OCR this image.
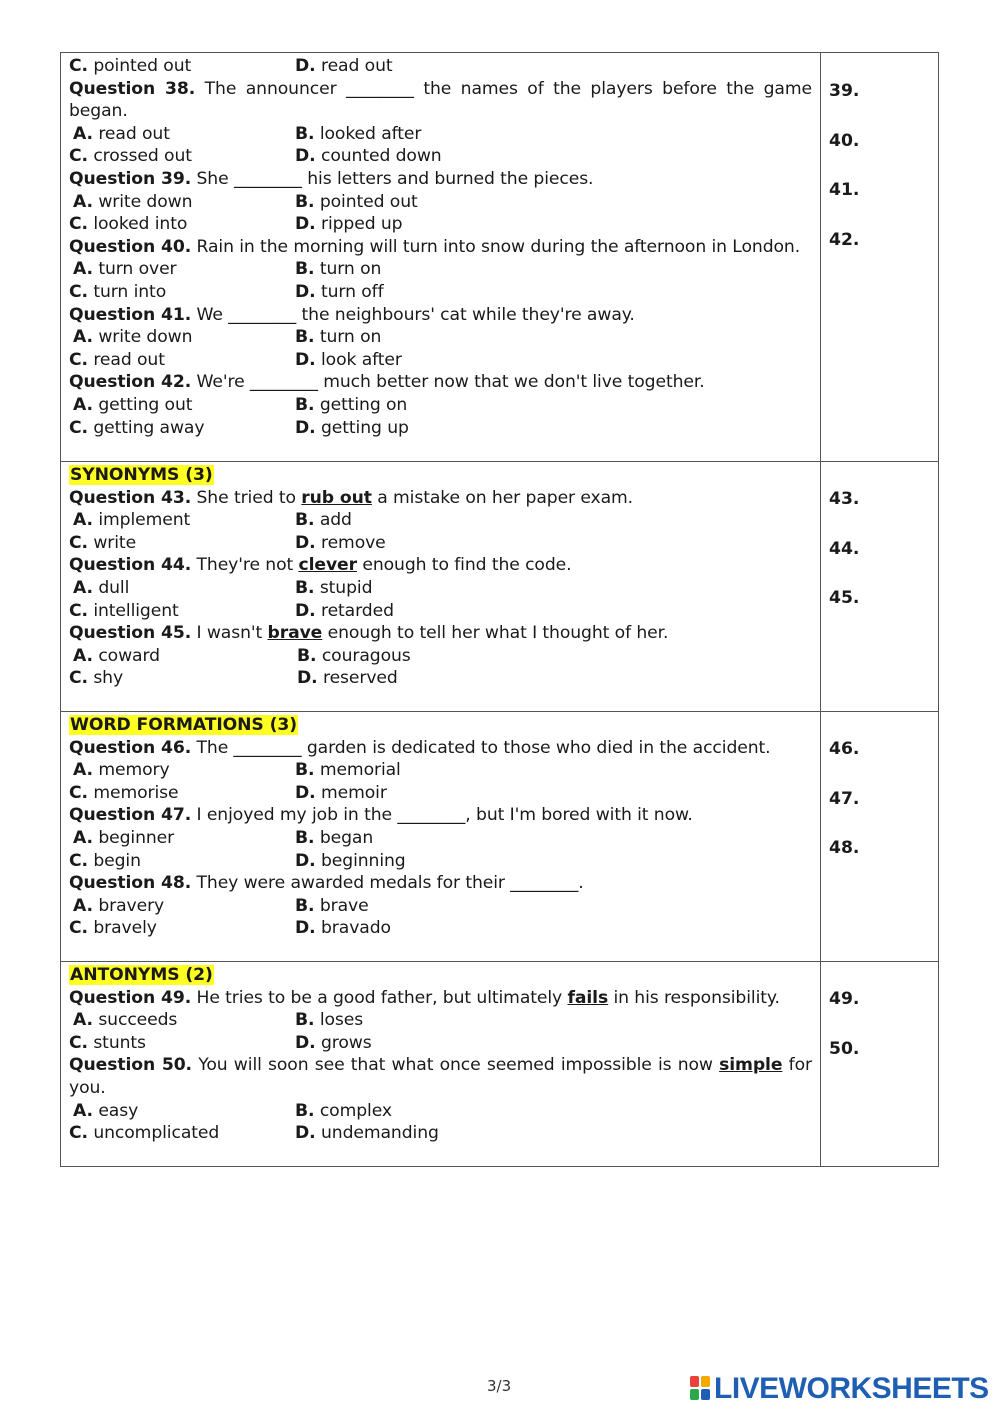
C. pointed out	D. read out
Question 38. The announcer ________ the names of the players before the game began.
A. read out	B. looked after
C. crossed out	D. counted down
Question 39. She ________ his letters and burned the pieces.
A. write down	B. pointed out
C. looked into	D. ripped up
Question 40. Rain in the morning will turn into snow during the afternoon in London.
A. turn over	B. turn on
C. turn into	D. turn off
Question 41. We ________ the neighbours' cat while they're away.
A. write down	B. turn on
C. read out	D. look after
Question 42. We're ________ much better now that we don't live together.
A. getting out	B. getting on
C. getting away	D. getting up
39.
40.
41.
42.
SYNONYMS (3)
Question 43. She tried to rub out a mistake on her paper exam.
A. implement	B. add
C. write	D. remove
Question 44. They're not clever enough to find the code.
A. dull	B. stupid
C. intelligent	D. retarded
Question 45. I wasn't brave enough to tell her what I thought of her.
A. coward	B. couragous
C. shy	D. reserved
43.
44.
45.
WORD FORMATIONS (3)
Question 46. The ________ garden is dedicated to those who died in the accident.
A. memory	B. memorial
C. memorise	D. memoir
Question 47. I enjoyed my job in the ________, but I'm bored with it now.
A. beginner	B. began
C. begin	D. beginning
Question 48. They were awarded medals for their ________.
A. bravery	B. brave
C. bravely	D. bravado
46.
47.
48.
ANTONYMS (2)
Question 49. He tries to be a good father, but ultimately fails in his responsibility.
A. succeeds	B. loses
C. stunts	D. grows
Question 50. You will soon see that what once seemed impossible is now simple for you.
A. easy	B. complex
C. uncomplicated	D. undemanding
49.
50.
3/3	LIVEWORKSHEETS
